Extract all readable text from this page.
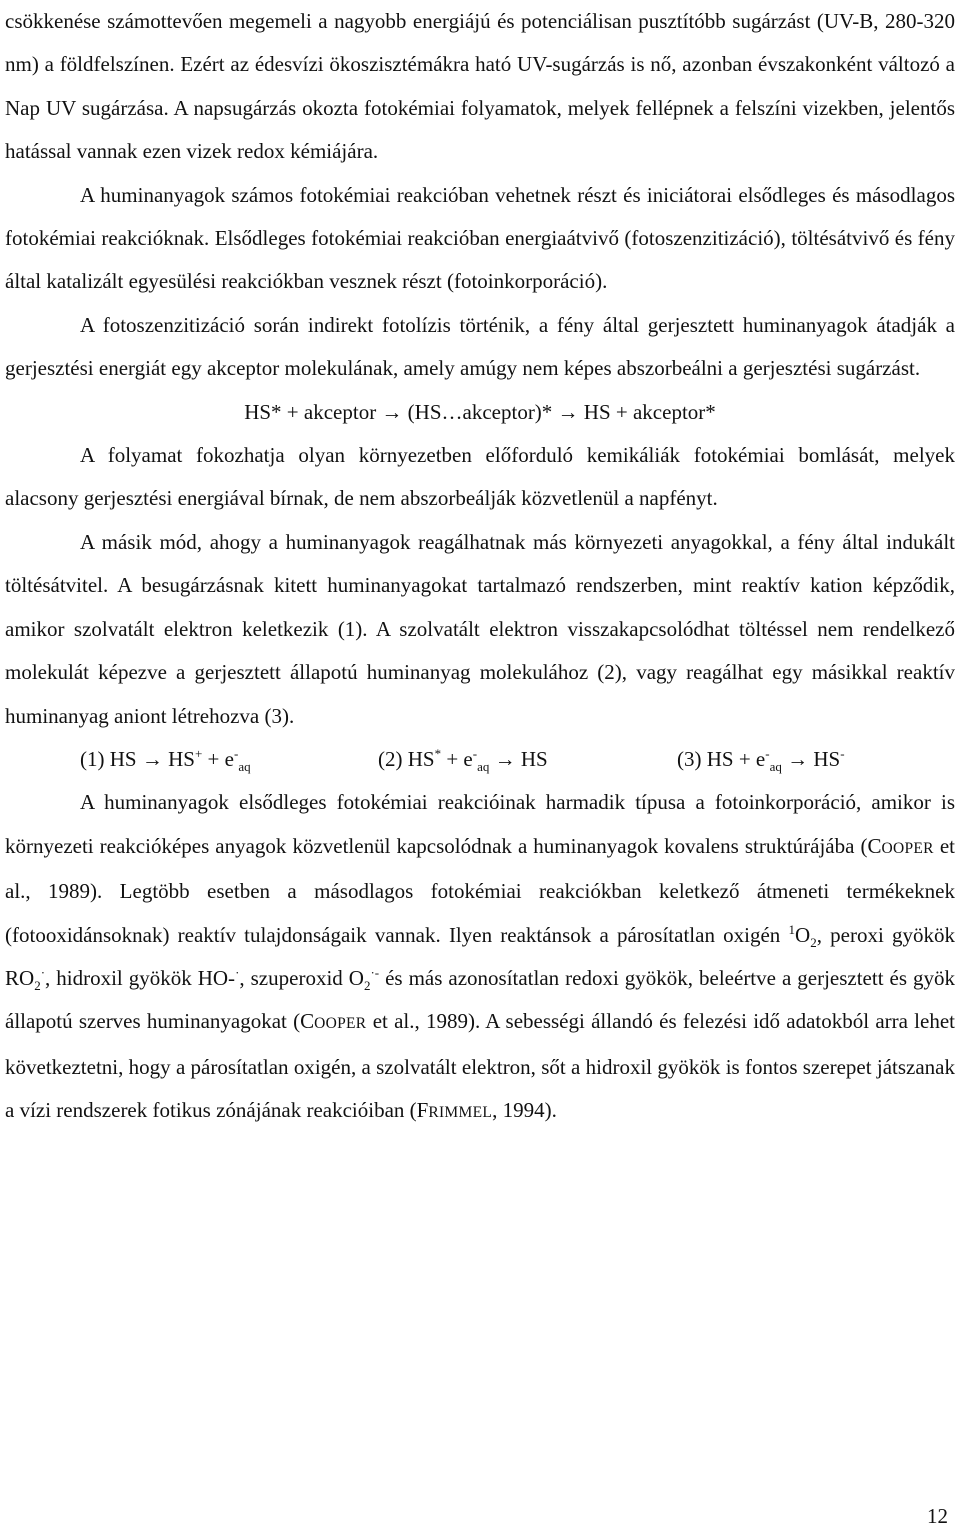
csökkenése számottevően megemeli a nagyobb energiájú és potenciálisan pusztítóbb sugárzást (UV-B, 280-320 nm) a földfelszínen. Ezért az édesvízi ökoszisztémákra ható UV-sugárzás is nő, azonban évszakonként változó a Nap UV sugárzása. A napsugárzás okozta fotokémiai folyamatok, melyek fellépnek a felszíni vizekben, jelentős hatással vannak ezen vizek redox kémiájára.

A huminanyagok számos fotokémiai reakcióban vehetnek részt és iniciátorai elsődleges és másodlagos fotokémiai reakcióknak. Elsődleges fotokémiai reakcióban energiaátvivő (fotoszenzitizáció), töltésátvivő és fény által katalizált egyesülési reakciókban vesznek részt (fotoinkorporáció).

A fotoszenzitizáció során indirekt fotolízis történik, a fény által gerjesztett huminanyagok átadják a gerjesztési energiát egy akceptor molekulának, amely amúgy nem képes abszorbeálni a gerjesztési sugárzást.

HS* + akceptor → (HS…akceptor)* → HS + akceptor*

A folyamat fokozhatja olyan környezetben előforduló kemikáliák fotokémiai bomlását, melyek alacsony gerjesztési energiával bírnak, de nem abszorbeálják közvetlenül a napfényt.

A másik mód, ahogy a huminanyagok reagálhatnak más környezeti anyagokkal, a fény által indukált töltésátvitel. A besugárzásnak kitett huminanyagokat tartalmazó rendszerben, mint reaktív kation képződik, amikor szolvatált elektron keletkezik (1). A szolvatált elektron visszakapcsolódhat töltéssel nem rendelkező molekulát képezve a gerjesztett állapotú huminanyag molekulához (2), vagy reagálhat egy másikkal reaktív huminanyag aniont létrehozva (3).

(1) HS → $HS^+ + e^-_{aq}$	(2) $HS^* + e^-_{aq}$ → HS	(3) HS + $e^-_{aq} \to HS^-$

A huminanyagok elsődleges fotokémiai reakcióinak harmadik típusa a fotoinkorporáció, amikor is környezeti reakcióképes anyagok közvetlenül kapcsolódnak a huminanyagok kovalens struktúrájába (COOPER et al., 1989). Legtöbb esetben a másodlagos fotokémiai reakciókban keletkező átmeneti termékeknek (fotooxidánsoknak) reaktív tulajdonságaik vannak. Ilyen reaktánsok a párosítatlan oxigén $^1O_2$, peroxi gyökök $RO_2^\cdot$, hidroxil gyökök HO-·, szuperoxid $O_2^{\cdot-}$ és más azonosítatlan redoxi gyökök, beleértve a gerjesztett és gyök állapotú szerves huminanyagokat (COOPER et al., 1989). A sebességi állandó és felezési idő adatokból arra lehet következtetni, hogy a párosítatlan oxigén, a szolvatált elektron, sőt a hidroxil gyökök is fontos szerepet játszanak a vízi rendszerek fotikus zónájának reakcióiban (FRIMMEL, 1994).

12
